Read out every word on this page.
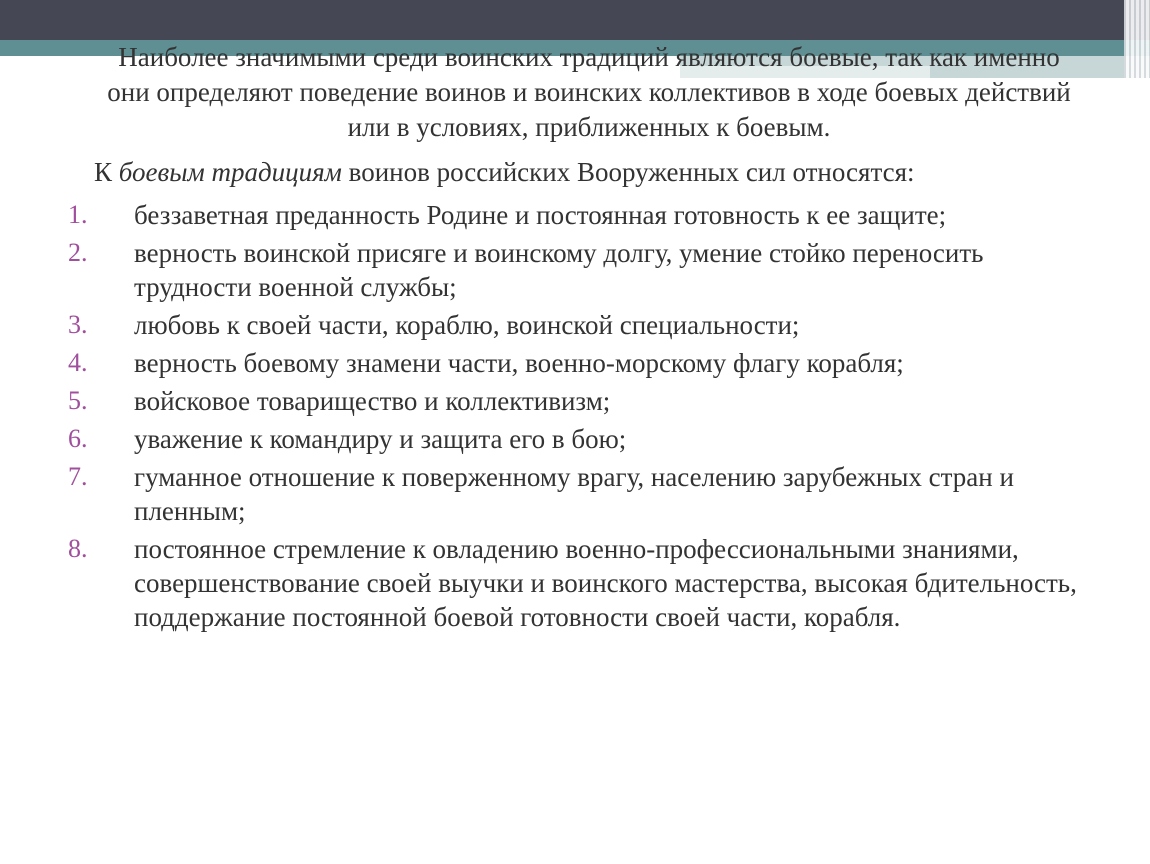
Наиболее значимыми среди воинских традиций являются боевые, так как именно они определяют поведение воинов и воинских коллективов в ходе боевых действий или в условиях, приближенных к боевым.
К боевым традициям воинов российских Вооруженных сил относятся:
1. беззаветная преданность Родине и постоянная готовность к ее защите;
2. верность воинской присяге и воинскому долгу, умение стойко переносить трудности военной службы;
3. любовь к своей части, кораблю, воинской специальности;
4. верность боевому знамени части, военно-морскому флагу корабля;
5. войсковое товарищество и коллективизм;
6. уважение к командиру и защита его в бою;
7. гуманное отношение к поверженному врагу, населению зарубежных стран и пленным;
8. постоянное стремление к овладению военно-профессиональными знаниями, совершенствование своей выучки и воинского мастерства, высокая бдительность, поддержание постоянной боевой готовности своей части, корабля.
